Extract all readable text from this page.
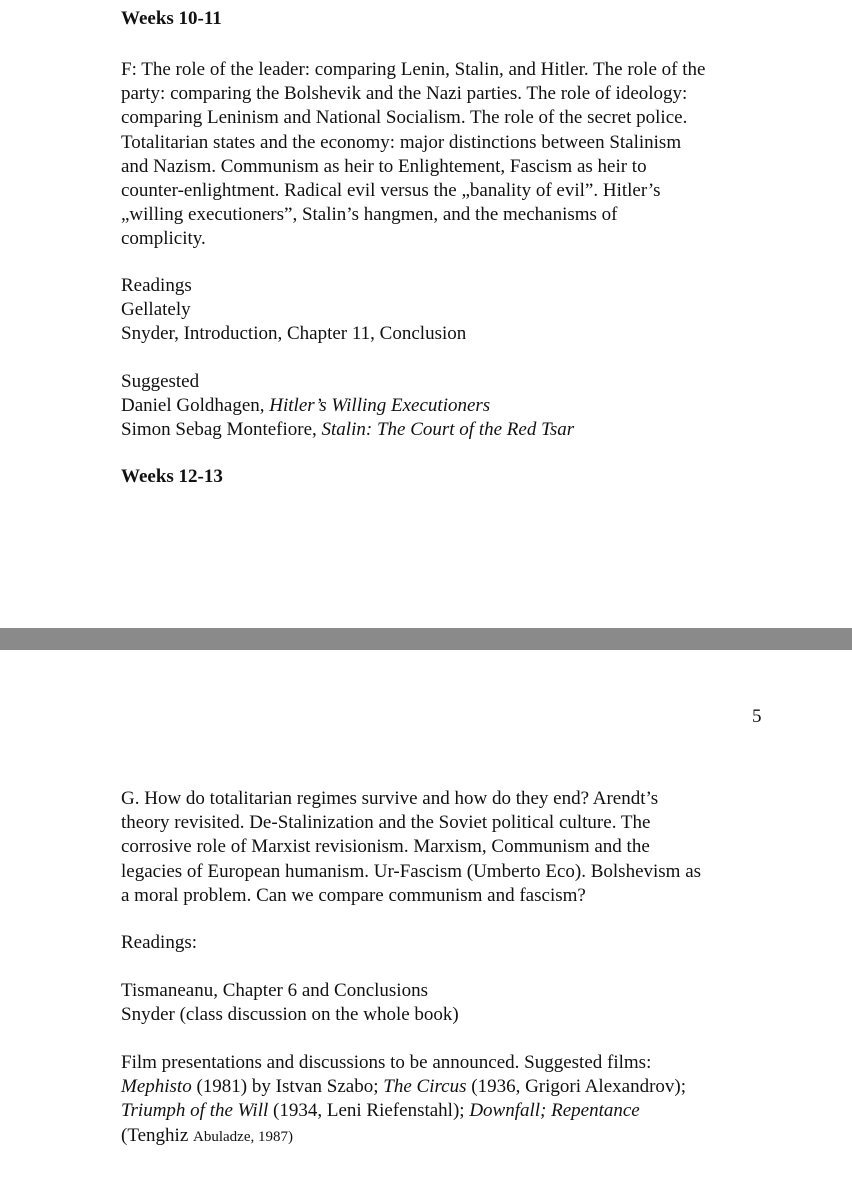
Weeks 10-11
F: The role of the leader: comparing Lenin, Stalin, and Hitler. The role of the
party: comparing the Bolshevik and the Nazi parties. The role of ideology:
comparing Leninism and National Socialism. The role of the secret police.
Totalitarian states and the economy: major distinctions between Stalinism
and Nazism. Communism as heir to Enlightement, Fascism as heir to
counter-enlightment. Radical evil versus the „banality of evil”. Hitler’s
„willing executioners”, Stalin’s hangmen, and the mechanisms of
complicity.
Readings
Gellately
Snyder, Introduction, Chapter 11, Conclusion
Suggested
Daniel Goldhagen, Hitler’s Willing Executioners
Simon Sebag Montefiore, Stalin: The Court of the Red Tsar
Weeks 12-13
5
G. How do totalitarian regimes survive and how do they end? Arendt’s
theory revisited. De-Stalinization and the Soviet political culture. The
corrosive role of Marxist revisionism. Marxism, Communism and the
legacies of European humanism. Ur-Fascism (Umberto Eco). Bolshevism as
a moral problem. Can we compare communism and fascism?
Readings:
Tismaneanu, Chapter 6 and Conclusions
Snyder (class discussion on the whole book)
Film presentations and discussions to be announced. Suggested films:
Mephisto (1981) by Istvan Szabo; The Circus (1936, Grigori Alexandrov);
Triumph of the Will (1934, Leni Riefenstahl); Downfall; Repentance
(Tenghiz Abuladze, 1987)
